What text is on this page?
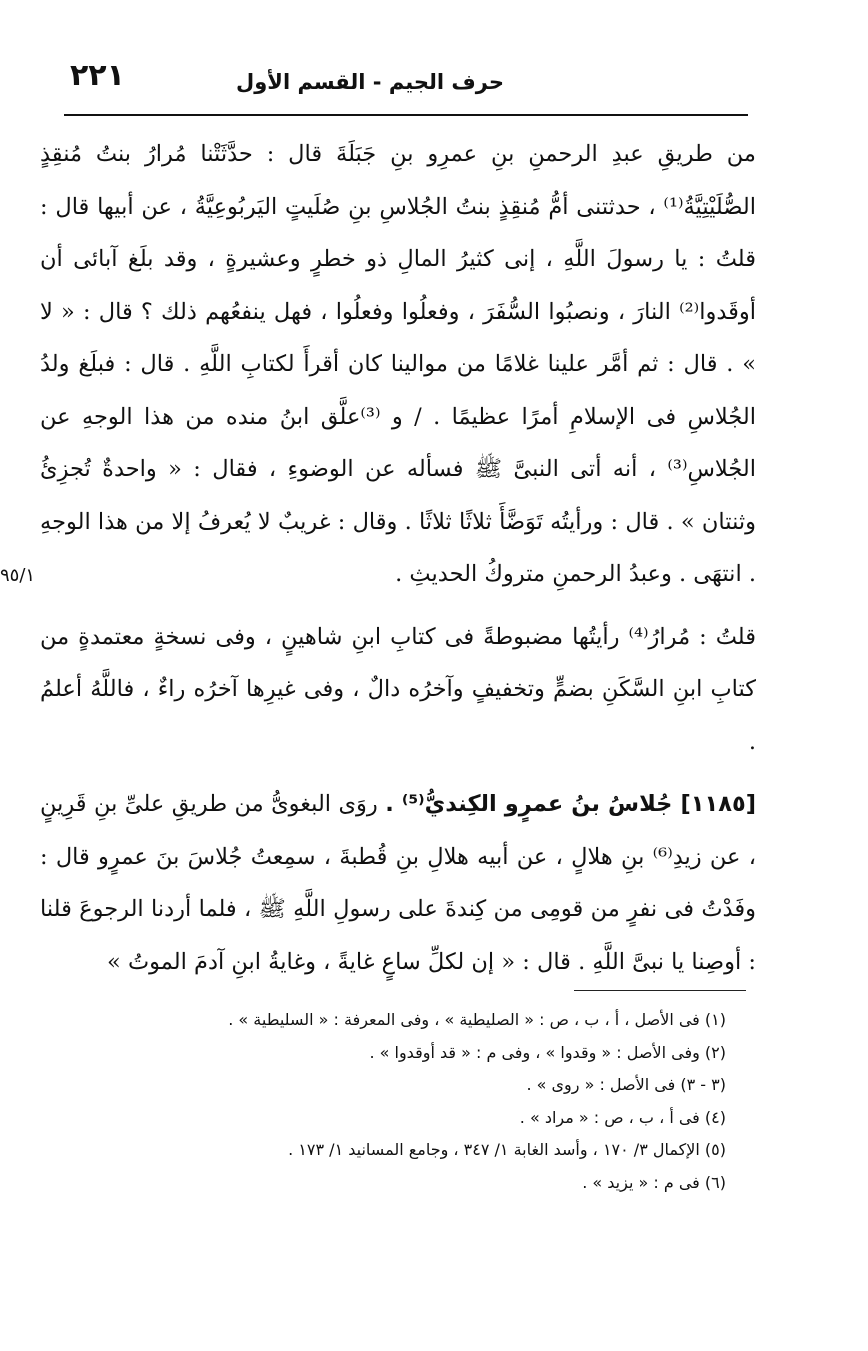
٢٢١	حرف الجيم - القسم الأول
٩٥/١

من طريقِ عبدِ الرحمنِ بنِ عمرِو بنِ جَبَلَةَ قال : حدَّثَتْنا مُرارُ بنتُ مُنقِذٍ الصُّلَيْتِيَّةُ⁽¹⁾ ، حدثتنى أمُّ مُنقِذٍ بنتُ الجُلاسِ بنِ صُلَيتٍ اليَربُوعِيَّةُ ، عن أبيها قال : قلتُ : يا رسولَ اللَّهِ ، إنى كثيرُ المالِ ذو خطرٍ وعشيرةٍ ، وقد بلَغ آبائى أن أوقَدوا⁽²⁾ النارَ ، ونصبُوا السُّفَرَ ، وفعلُوا وفعلُوا ، فهل ينفعُهم ذلك ؟ قال : « لا » . قال : ثم أمَّر علينا غلامًا من موالينا كان أقرأَ لكتابِ اللَّهِ . قال : فبلَغ ولدُ الجُلاسِ فى الإسلامِ أمرًا عظيمًا . / و ⁽³⁾علَّق ابنُ منده من هذا الوجهِ عن الجُلاسِ⁽³⁾ ، أنه أتى النبىَّ ﷺ فسأله عن الوضوءِ ، فقال : « واحدةٌ تُجزِئُ وثنتان » . قال : ورأيتُه تَوَضَّأَ ثلاثًا ثلاثًا . وقال : غريبٌ لا يُعرفُ إلا من هذا الوجهِ . انتهَى . وعبدُ الرحمنِ متروكُ الحديثِ .

قلتُ : مُرارُ⁽⁴⁾ رأيتُها مضبوطةً فى كتابِ ابنِ شاهينٍ ، وفى نسخةٍ معتمدةٍ من كتابِ ابنِ السَّكَنِ بضمٍّ وتخفيفٍ وآخرُه دالٌ ، وفى غيرِها آخرُه راءٌ ، فاللَّهُ أعلمُ .

[١١٨٥] جُلاسُ بنُ عمرٍو الكِنديُّ⁽⁵⁾ . روَى البغوىُّ من طريقِ علىِّ بنِ قَرِينٍ ، عن زيدِ⁽⁶⁾ بنِ هلالٍ ، عن أبيه هلالِ بنِ قُطبةَ ، سمِعتُ جُلاسَ بنَ عمرٍو قال : وفَدْتُ فى نفرٍ من قومِى من كِندةَ على رسولِ اللَّهِ ﷺ ، فلما أردنا الرجوعَ قلنا : أوصِنا يا نبىَّ اللَّهِ . قال : « إن لكلِّ ساعٍ غايةً ، وغايةُ ابنِ آدمَ الموتُ »

(١) فى الأصل ، أ ، ب ، ص : « الصليطية » ، وفى المعرفة : « السليطية » .
(٢) وفى الأصل : « وقدوا » ، وفى م : « قد أوقدوا » .
(٣ - ٣) فى الأصل : « روى » .
(٤) فى أ ، ب ، ص : « مراد » .
(٥) الإكمال ٣/ ١٧٠ ، وأسد الغابة ١/ ٣٤٧ ، وجامع المسانيد ١/ ١٧٣ .
(٦) فى م : « يزيد » .
